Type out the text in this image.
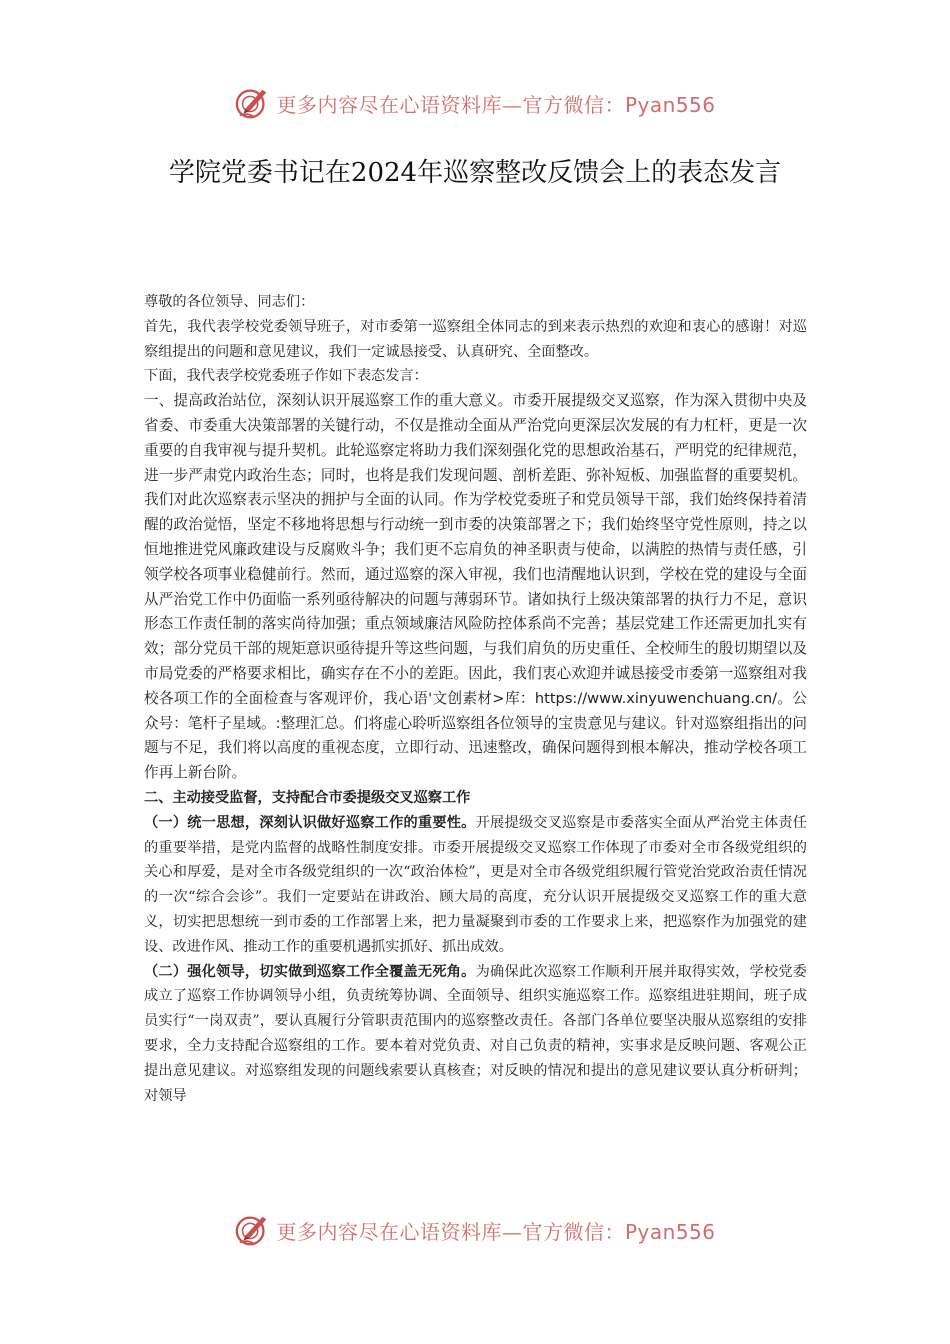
更多内容尽在心语资料库—官方微信：Pyan556
学院党委书记在2024年巡察整改反馈会上的表态发言

尊敬的各位领导、同志们：

首先，我代表学校党委领导班子，对市委第一巡察组全体同志的到来表示热烈的欢迎和衷心的感谢！对巡察组提出的问题和意见建议，我们一定诚恳接受、认真研究、全面整改。

下面，我代表学校党委班子作如下表态发言：

一、提高政治站位，深刻认识开展巡察工作的重大意义。市委开展提级交叉巡察，作为深入贯彻中央及省委、市委重大决策部署的关键行动，不仅是推动全面从严治党向更深层次发展的有力杠杆，更是一次重要的自我审视与提升契机。此轮巡察定将助力我们深刻强化党的思想政治基石，严明党的纪律规范，进一步严肃党内政治生态；同时，也将是我们发现问题、剖析差距、弥补短板、加强监督的重要契机。我们对此次巡察表示坚决的拥护与全面的认同。作为学校党委班子和党员领导干部，我们始终保持着清醒的政治觉悟，坚定不移地将思想与行动统一到市委的决策部署之下；我们始终坚守党性原则，持之以恒地推进党风廉政建设与反腐败斗争；我们更不忘肩负的神圣职责与使命，以满腔的热情与责任感，引领学校各项事业稳健前行。然而，通过巡察的深入审视，我们也清醒地认识到，学校在党的建设与全面从严治党工作中仍面临一系列亟待解决的问题与薄弱环节。诸如执行上级决策部署的执行力不足，意识形态工作责任制的落实尚待加强；重点领域廉洁风险防控体系尚不完善；基层党建工作还需更加扎实有效；部分党员干部的规矩意识亟待提升等这些问题，与我们肩负的历史重任、全校师生的殷切期望以及市局党委的严格要求相比，确实存在不小的差距。因此，我们衷心欢迎并诚恳接受市委第一巡察组对我校各项工作的全面检查与客观评价，我心语'文创素材>库：https://www.xinyuwenchuang.cn/。公众号：笔杆子星域。:整理汇总。们将虚心聆听巡察组各位领导的宝贵意见与建议。针对巡察组指出的问题与不足，我们将以高度的重视态度，立即行动、迅速整改，确保问题得到根本解决，推动学校各项工作再上新台阶。

二、主动接受监督，支持配合市委提级交叉巡察工作

（一）统一思想，深刻认识做好巡察工作的重要性。开展提级交叉巡察是市委落实全面从严治党主体责任的重要举措，是党内监督的战略性制度安排。市委开展提级交叉巡察工作体现了市委对全市各级党组织的关心和厚爱，是对全市各级党组织的一次“政治体检”，更是对全市各级党组织履行管党治党政治责任情况的一次“综合会诊”。我们一定要站在讲政治、顾大局的高度，充分认识开展提级交叉巡察工作的重大意义，切实把思想统一到市委的工作部署上来，把力量凝聚到市委的工作要求上来，把巡察作为加强党的建设、改进作风、推动工作的重要机遇抓实抓好、抓出成效。

（二）强化领导，切实做到巡察工作全覆盖无死角。为确保此次巡察工作顺利开展并取得实效，学校党委成立了巡察工作协调领导小组，负责统筹协调、全面领导、组织实施巡察工作。巡察组进驻期间，班子成员实行“一岗双责”，要认真履行分管职责范围内的巡察整改责任。各部门各单位要坚决服从巡察组的安排要求，全力支持配合巡察组的工作。要本着对党负责、对自己负责的精神，实事求是反映问题、客观公正提出意见建议。对巡察组发现的问题线索要认真核查；对反映的情况和提出的意见建议要认真分析研判；对领导

更多内容尽在心语资料库—官方微信：Pyan556
